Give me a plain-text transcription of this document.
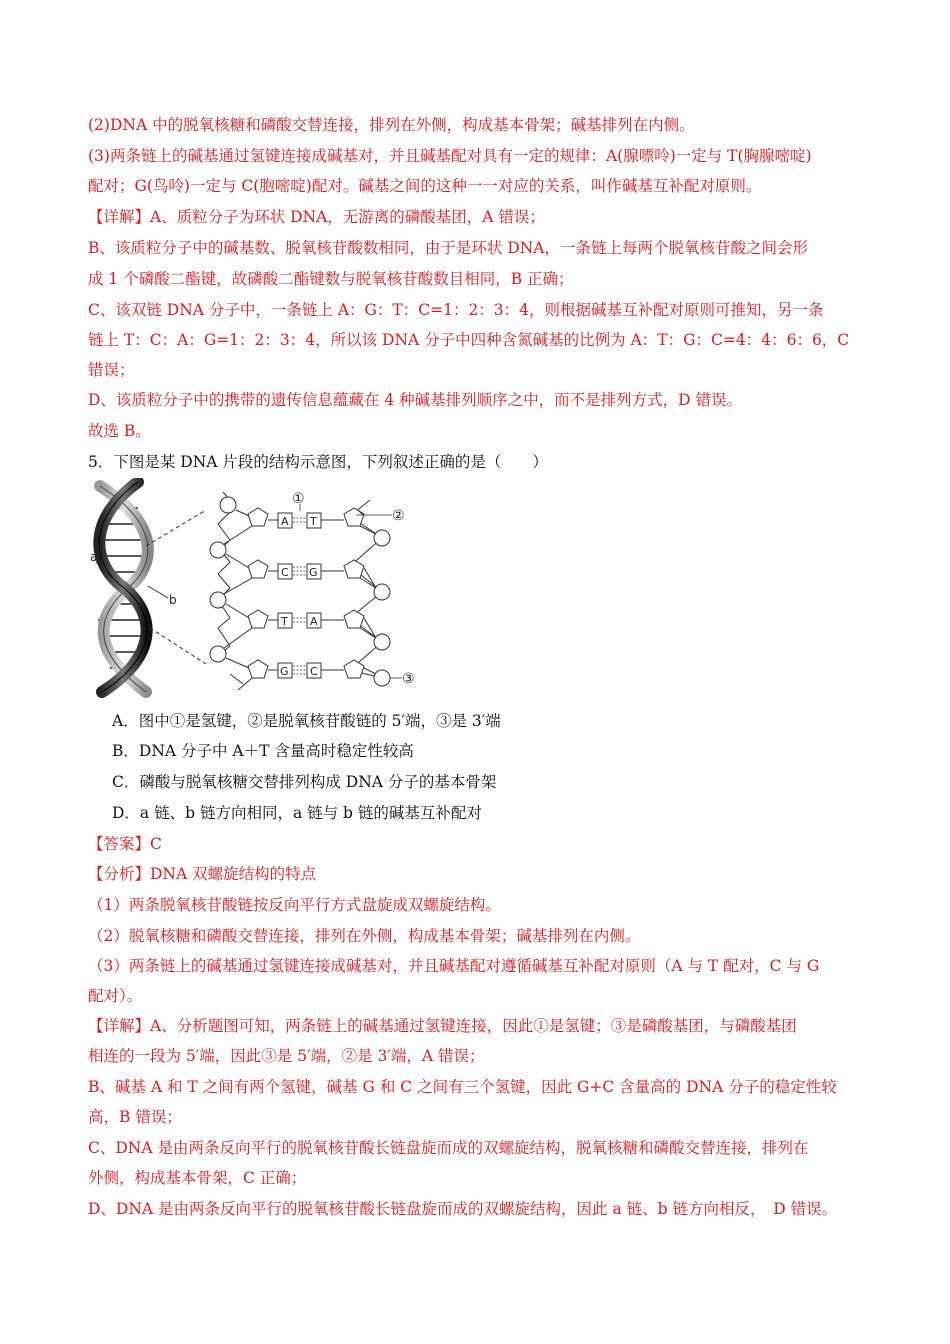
(2)DNA 中的脱氧核糖和磷酸交替连接，排列在外侧，构成基本骨架；碱基排列在内侧。
(3)两条链上的碱基通过氢键连接成碱基对，并且碱基配对具有一定的规律：A(腺嘌呤)一定与 T(胸腺嘧啶)
配对；G(鸟呤)一定与 C(胞嘧啶)配对。碱基之间的这种一一对应的关系，叫作碱基互补配对原则。
【详解】A、质粒分子为环状 DNA，无游离的磷酸基团，A 错误；
B、该质粒分子中的碱基数、脱氧核苷酸数相同，由于是环状 DNA，一条链上每两个脱氧核苷酸之间会形
成 1 个磷酸二酯键，故磷酸二酯键数与脱氧核苷酸数目相同，B 正确；
C、该双链 DNA 分子中，一条链上 A：G：T：C=1：2：3：4，则根据碱基互补配对原则可推知，另一条
链上 T：C：A：G=1：2：3：4，所以该 DNA 分子中四种含氮碱基的比例为 A：T：G：C=4：4：6：6，C
错误；
D、该质粒分子中的携带的遗传信息蕴藏在 4 种碱基排列顺序之中，而不是排列方式，D 错误。
故选 B。
5．下图是某 DNA 片段的结构示意图，下列叙述正确的是（　　）
a
b
A T
C G
T A
G C
①
②
③
A．图中①是氢键，②是脱氧核苷酸链的 5′端，③是 3′端
B．DNA 分子中 A＋T 含量高时稳定性较高
C．磷酸与脱氧核糖交替排列构成 DNA 分子的基本骨架
D．a 链、b 链方向相同，a 链与 b 链的碱基互补配对
【答案】C
【分析】DNA 双螺旋结构的特点
（1）两条脱氧核苷酸链按反向平行方式盘旋成双螺旋结构。
（2）脱氧核糖和磷酸交替连接，排列在外侧，构成基本骨架；碱基排列在内侧。
（3）两条链上的碱基通过氢键连接成碱基对，并且碱基配对遵循碱基互补配对原则（A 与 T 配对，C 与 G
配对）。
【详解】A、分析题图可知，两条链上的碱基通过氢键连接，因此①是氢键；③是磷酸基团，与磷酸基团
相连的一段为 5′端，因此③是 5′端，②是 3′端，A 错误；
B、碱基 A 和 T 之间有两个氢键，碱基 G 和 C 之间有三个氢键，因此 G+C 含量高的 DNA 分子的稳定性较
高，B 错误；
C、DNA 是由两条反向平行的脱氧核苷酸长链盘旋而成的双螺旋结构，脱氧核糖和磷酸交替连接，排列在
外侧，构成基本骨架，C 正确；
D、DNA 是由两条反向平行的脱氧核苷酸长链盘旋而成的双螺旋结构，因此 a 链、b 链方向相反，　D 错误。
